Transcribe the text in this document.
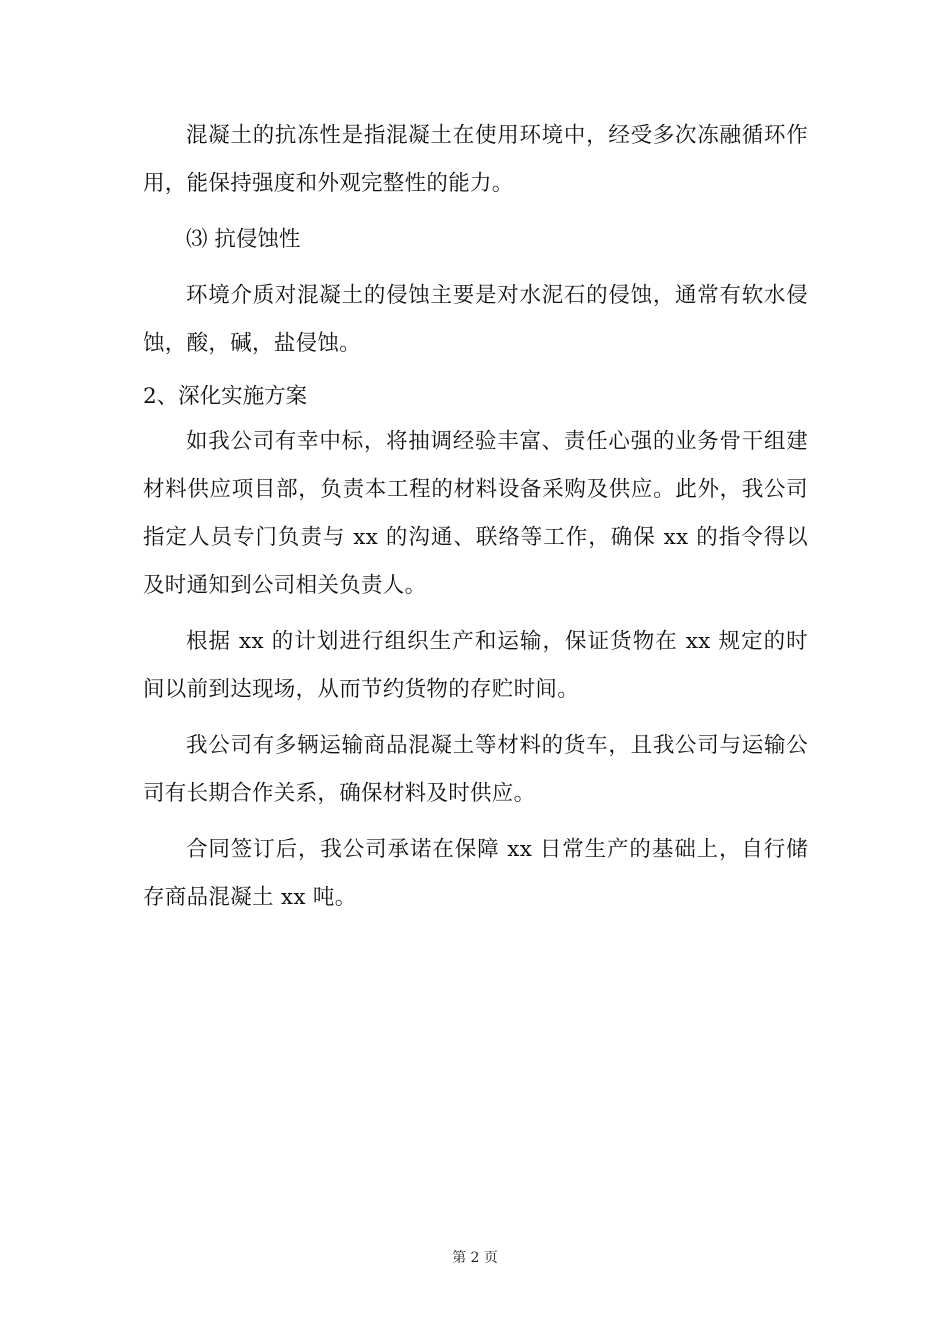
混凝土的抗冻性是指混凝土在使用环境中，经受多次冻融循环作用，能保持强度和外观完整性的能力。

⑶ 抗侵蚀性

环境介质对混凝土的侵蚀主要是对水泥石的侵蚀，通常有软水侵蚀，酸，碱，盐侵蚀。

2、深化实施方案

如我公司有幸中标，将抽调经验丰富、责任心强的业务骨干组建材料供应项目部，负责本工程的材料设备采购及供应。此外，我公司指定人员专门负责与 xx 的沟通、联络等工作，确保 xx 的指令得以及时通知到公司相关负责人。

根据 xx 的计划进行组织生产和运输，保证货物在 xx 规定的时间以前到达现场，从而节约货物的存贮时间。

我公司有多辆运输商品混凝土等材料的货车，且我公司与运输公司有长期合作关系，确保材料及时供应。

合同签订后，我公司承诺在保障 xx 日常生产的基础上，自行储存商品混凝土 xx 吨。

第 2 页
